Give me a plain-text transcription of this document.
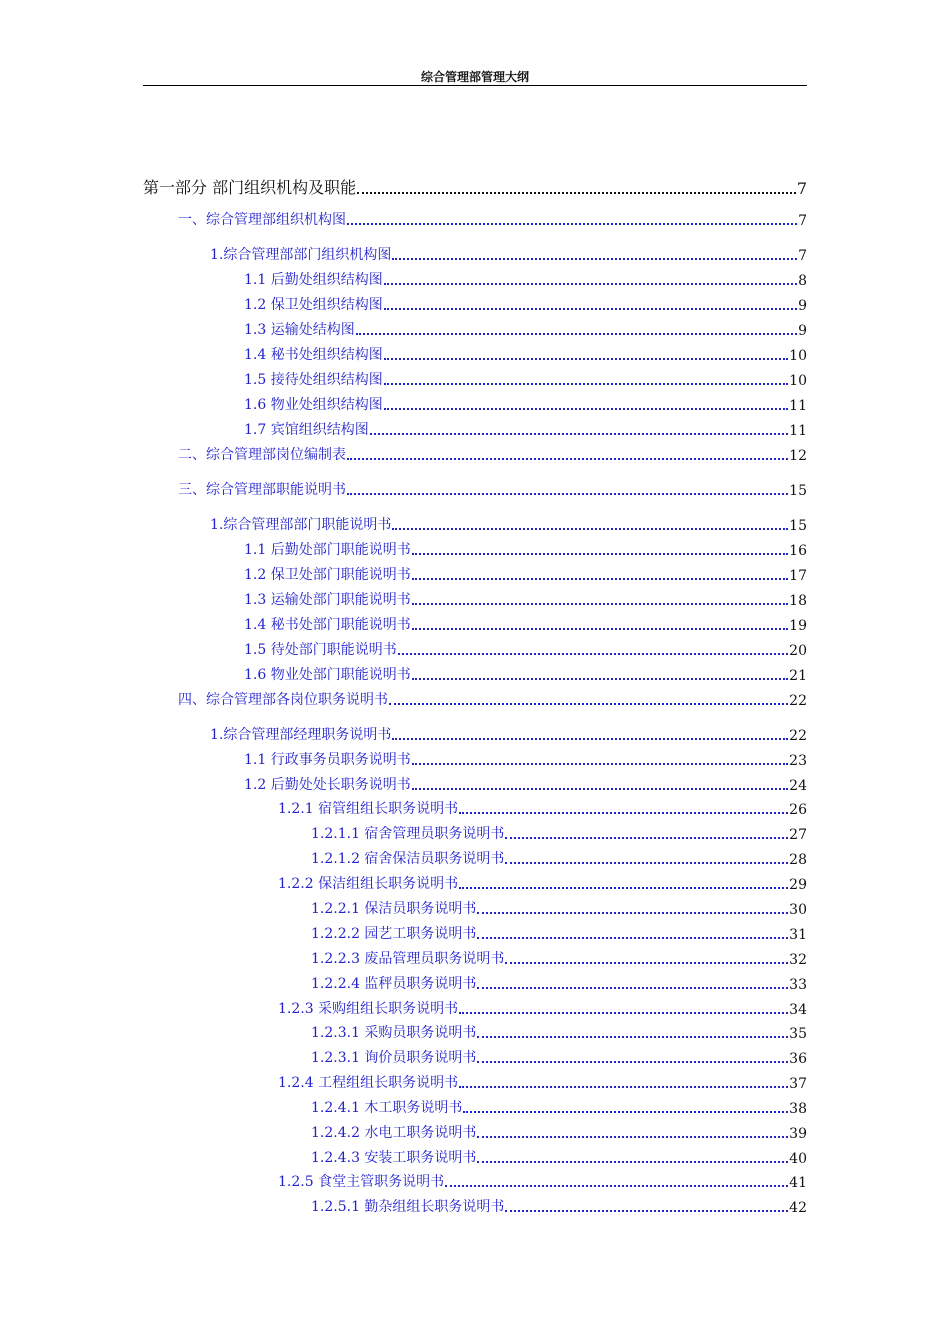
综合管理部管理大纲
第一部分 部门组织机构及职能	7
一、综合管理部组织机构图	7
1.综合管理部部门组织机构图	7
1.1 后勤处组织结构图	8
1.2 保卫处组织结构图	9
1.3 运输处结构图	9
1.4 秘书处组织结构图	10
1.5 接待处组织结构图	10
1.6 物业处组织结构图	11
1.7 宾馆组织结构图	11
二、综合管理部岗位编制表	12
三、综合管理部职能说明书	15
1.综合管理部部门职能说明书	15
1.1 后勤处部门职能说明书	16
1.2 保卫处部门职能说明书	17
1.3 运输处部门职能说明书	18
1.4 秘书处部门职能说明书	19
1.5 待处部门职能说明书	20
1.6 物业处部门职能说明书	21
四、综合管理部各岗位职务说明书	22
1.综合管理部经理职务说明书	22
1.1 行政事务员职务说明书	23
1.2 后勤处处长职务说明书	24
1.2.1 宿管组组长职务说明书	26
1.2.1.1 宿舍管理员职务说明书	27
1.2.1.2 宿舍保洁员职务说明书	28
1.2.2 保洁组组长职务说明书	29
1.2.2.1 保洁员职务说明书	30
1.2.2.2 园艺工职务说明书	31
1.2.2.3 废品管理员职务说明书	32
1.2.2.4 监秤员职务说明书	33
1.2.3 采购组组长职务说明书	34
1.2.3.1 采购员职务说明书	35
1.2.3.1 询价员职务说明书	36
1.2.4 工程组组长职务说明书	37
1.2.4.1 木工职务说明书	38
1.2.4.2 水电工职务说明书	39
1.2.4.3 安装工职务说明书	40
1.2.5 食堂主管职务说明书	41
1.2.5.1 勤杂组组长职务说明书	42
